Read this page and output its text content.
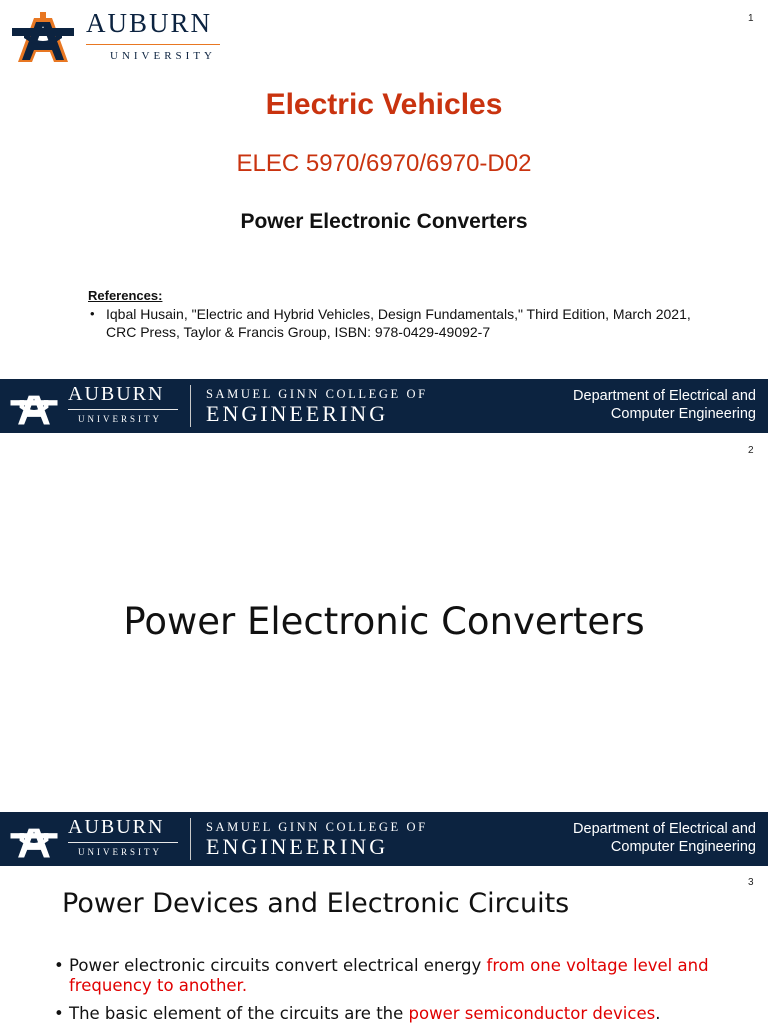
AUBURN
UNIVERSITY
1
Electric Vehicles
ELEC 5970/6970/6970-D02
Power Electronic Converters
References:
• Iqbal Husain, "Electric and Hybrid Vehicles, Design Fundamentals," Third Edition, March 2021, CRC Press, Taylor & Francis Group, ISBN: 978-0429-49092-7
AUBURN
UNIVERSITY
SAMUEL GINN COLLEGE OF
ENGINEERING
Department of Electrical and
Computer Engineering
2
Power Electronic Converters
AUBURN
UNIVERSITY
SAMUEL GINN COLLEGE OF
ENGINEERING
Department of Electrical and
Computer Engineering
3
Power Devices and Electronic Circuits
• Power electronic circuits convert electrical energy from one voltage level and frequency to another.
• The basic element of the circuits are the power semiconductor devices.
